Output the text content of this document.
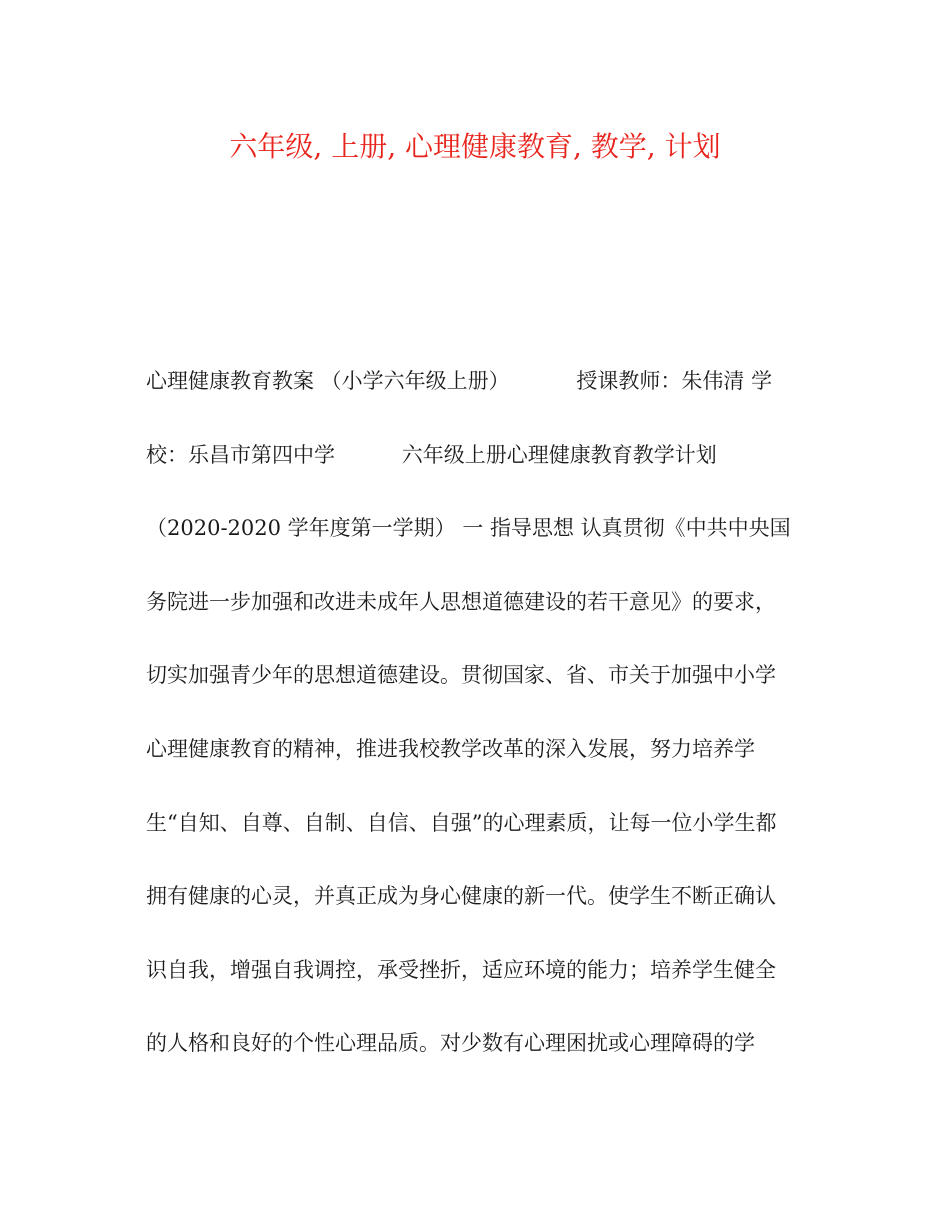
六年级, 上册, 心理健康教育, 教学, 计划
心理健康教育教案 （小学六年级上册）          授课教师：朱伟清 学
校：乐昌市第四中学          六年级上册心理健康教育教学计划
（2020-2020 学年度第一学期） 一 指导思想 认真贯彻《中共中央国
务院进一步加强和改进未成年人思想道德建设的若干意见》的要求，
切实加强青少年的思想道德建设。贯彻国家、省、市关于加强中小学
心理健康教育的精神，推进我校教学改革的深入发展，努力培养学
生“自知、自尊、自制、自信、自强”的心理素质，让每一位小学生都
拥有健康的心灵，并真正成为身心健康的新一代。使学生不断正确认
识自我，增强自我调控，承受挫折，适应环境的能力；培养学生健全
的人格和良好的个性心理品质。对少数有心理困扰或心理障碍的学
